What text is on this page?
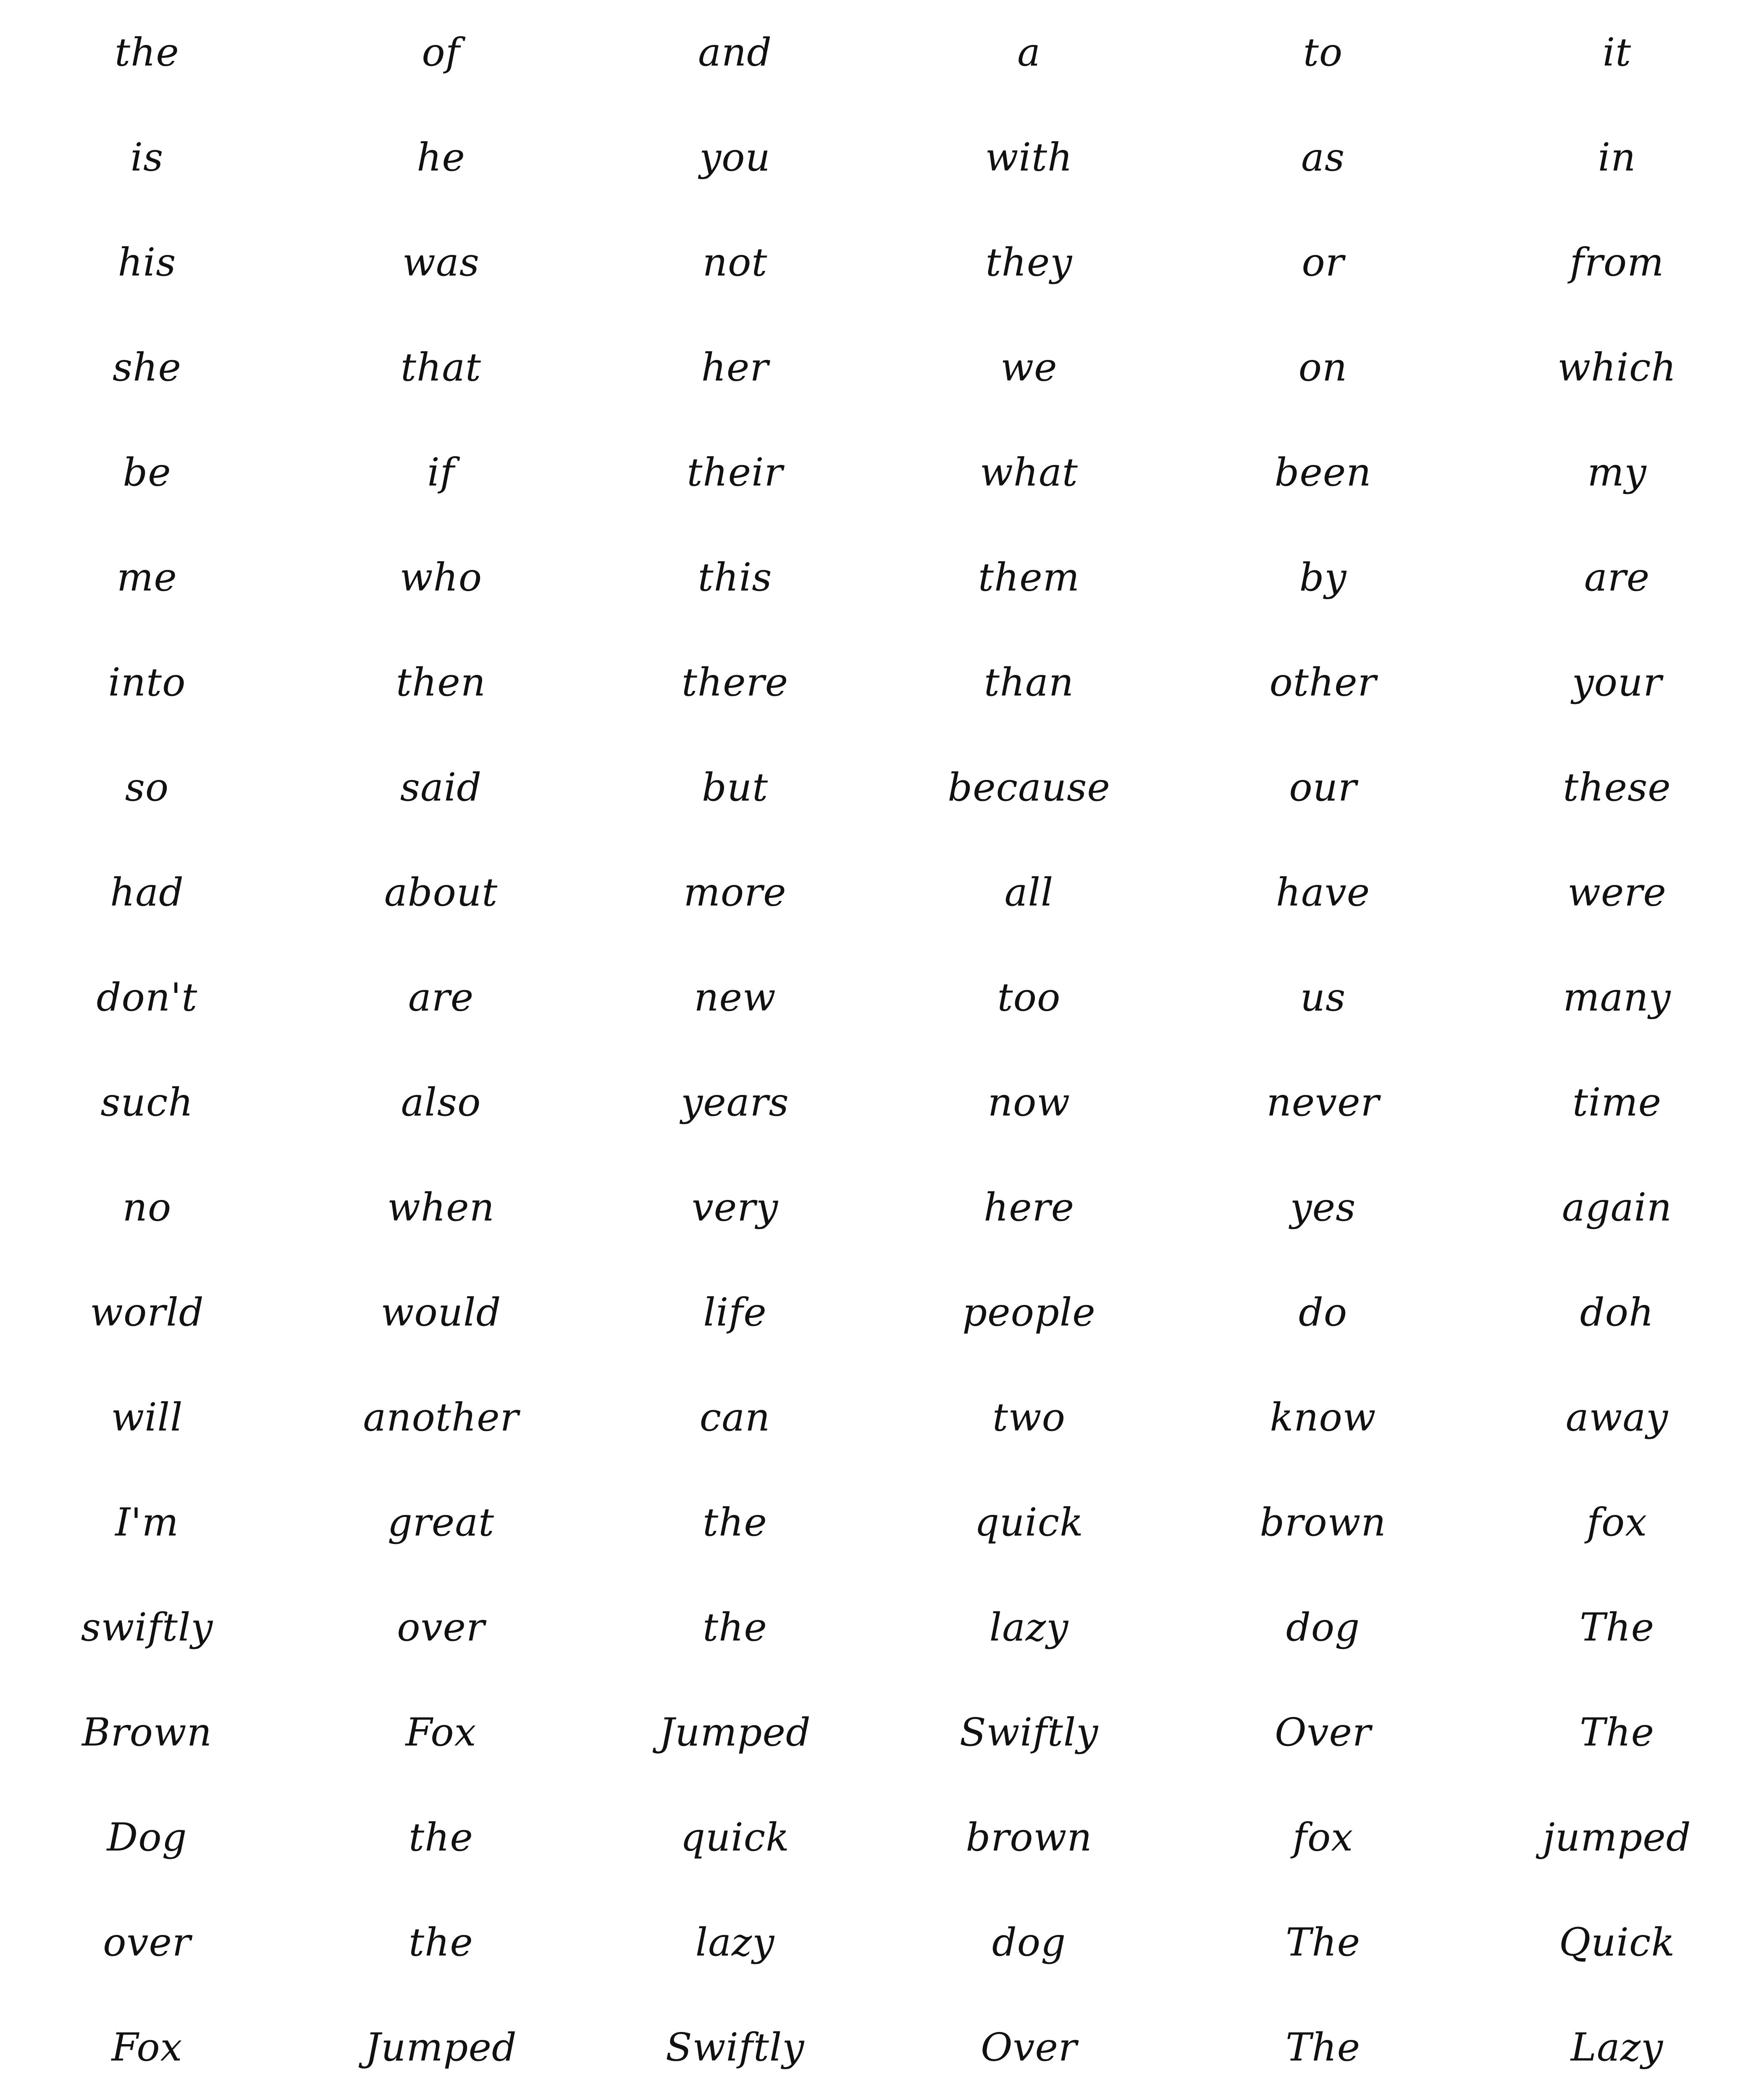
the	of	and	a	to	it
is	he	you	with	as	in
his	was	not	they	or	from
she	that	her	we	on	which
be	if	their	what	been	my
me	who	this	them	by	are
into	then	there	than	other	your
so	said	but	because	our	these
had	about	more	all	have	were
don't	are	new	too	us	many
such	also	years	now	never	time
no	when	very	here	yes	again
world	would	life	people	do	doh
will	another	can	two	know	away
I'm	great	the	quick	brown	fox
swiftly	over	the	lazy	dog	The
Brown	Fox	Jumped	Swiftly	Over	The
Dog	the	quick	brown	fox	jumped
over	the	lazy	dog	The	Quick
Fox	Jumped	Swiftly	Over	The	Lazy
